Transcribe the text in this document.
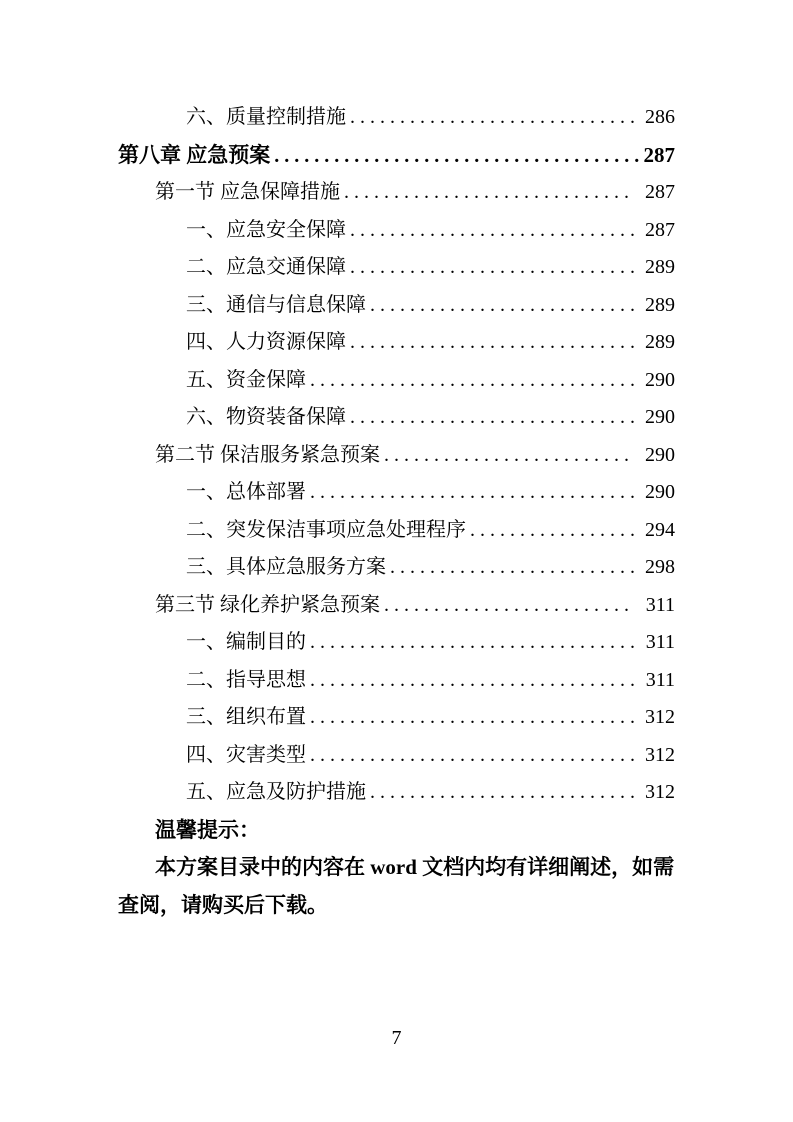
六、质量控制措施 .....	286
第八章 应急预案 .....	287
第一节 应急保障措施 .....	287
一、应急安全保障 .....	287
二、应急交通保障 .....	289
三、通信与信息保障 .....	289
四、人力资源保障 .....	289
五、资金保障 .....	290
六、物资装备保障 .....	290
第二节 保洁服务紧急预案 .....	290
一、总体部署 .....	290
二、突发保洁事项应急处理程序 .....	294
三、具体应急服务方案 .....	298
第三节 绿化养护紧急预案 .....	311
一、编制目的 .....	311
二、指导思想 .....	311
三、组织布置 .....	312
四、灾害类型 .....	312
五、应急及防护措施 .....	312

温馨提示：

本方案目录中的内容在 word 文档内均有详细阐述，如需查阅，请购买后下载。

7
